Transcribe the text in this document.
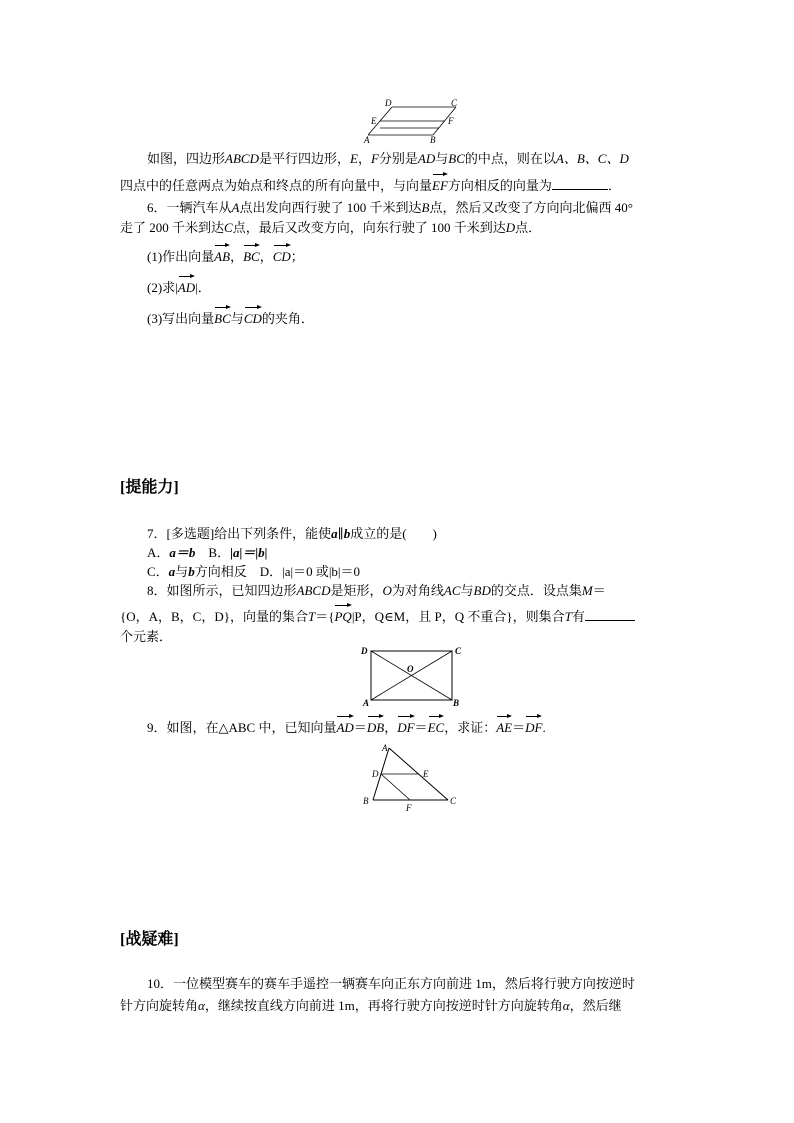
D	C
E	F
A	B
如图，四边形ABCD是平行四边形，E，F分别是AD与BC的中点，则在以A、B、C、D
四点中的任意两点为始点和终点的所有向量中，与向量
EF方向相反的向量为	．
6．一辆汽车从A点出发向西行驶了 100 千米到达B点，然后又改变了方向向北偏西 40°
走了 200 千米到达C点，最后又改变方向，向东行驶了 100 千米到达D点．
(1)作出向量
AB，
BC，
CD；
(2)求|
AD|．
(3)写出向量
BC与
CD的夹角．
[提能力]
7．[多选题]给出下列条件，能使a∥b成立的是(　　)
A．a＝b　 B．|a|＝|b|
C．a与b方向相反　 D．|a|＝0 或|b|＝0
8．如图所示，已知四边形ABCD是矩形，O为对角线AC与BD的交点．设点集M＝
{O，A，B，C，D}，向量的集合T＝{
PQ|P，Q∈M，且 P，Q 不重合}，则集合T有
个元素．
D	C
O
A	B
9．如图，在△ABC 中，已知向量
AD＝
DB，
DF＝
EC，求证：
AE＝
DF.
A
D	E
B
F
C
[战疑难]
10．一位模型赛车的赛车手遥控一辆赛车向正东方向前进 1m，然后将行驶方向按逆时
针方向旋转角α，继续按直线方向前进 1m，再将行驶方向按逆时针方向旋转角α，然后继
